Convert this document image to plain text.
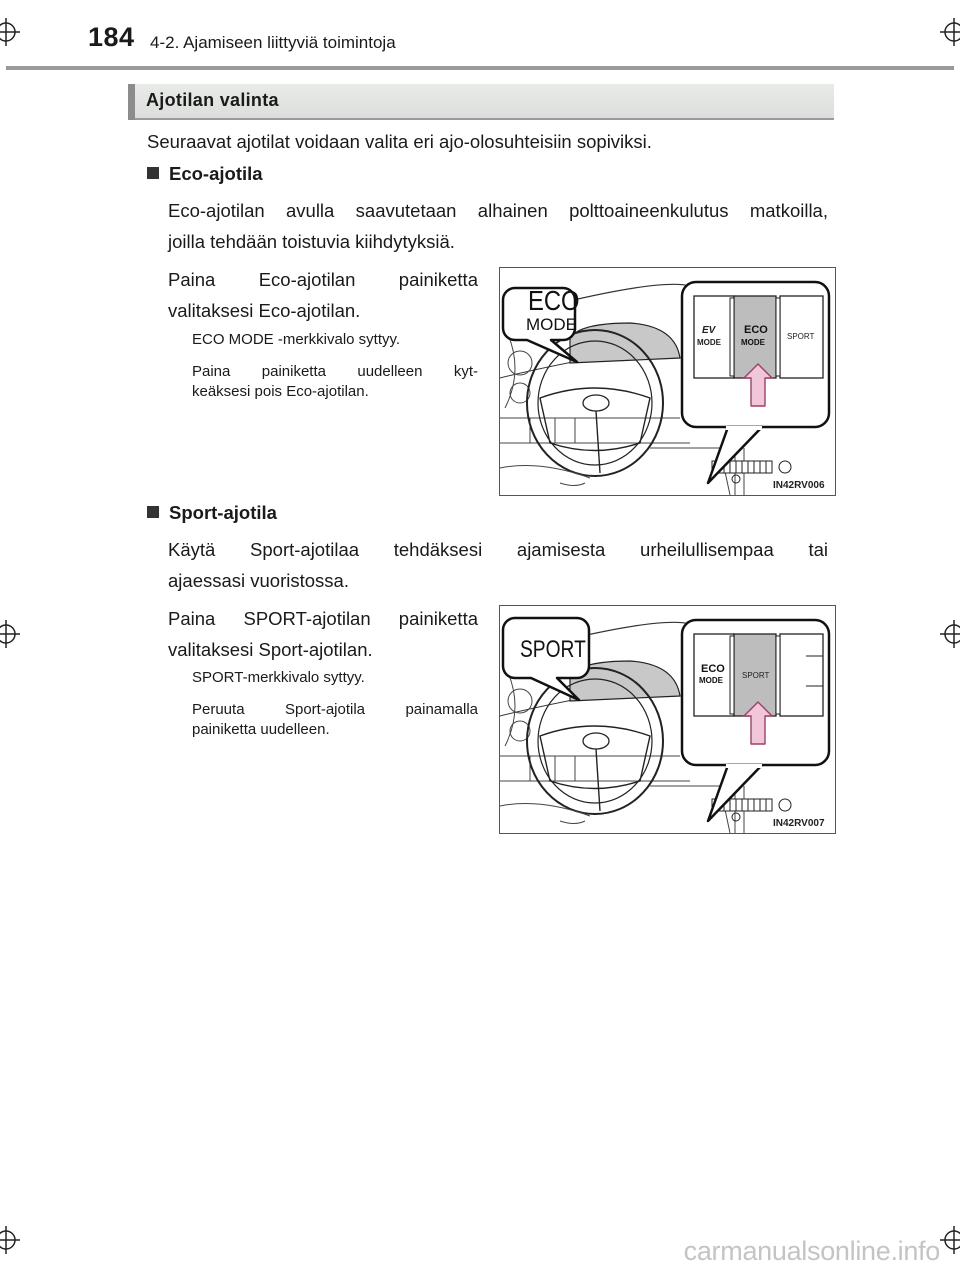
184 4-2. Ajamiseen liittyviä toimintoja
Ajotilan valinta
Seuraavat ajotilat voidaan valita eri ajo-olosuhteisiin sopiviksi.
Eco-ajotila
Eco-ajotilan avulla saavutetaan alhainen polttoaineenkulutus matkoilla,
joilla tehdään toistuvia kiihdytyksiä.
Paina Eco-ajotilan painiketta
valitaksesi Eco-ajotilan.
ECO MODE -merkkivalo syttyy.
Paina painiketta uudelleen kyt-
keäksesi pois Eco-ajotilan.
ECO
MODE	EV
MODE
ECO
MODE
SPORT
IN42RV006
Sport-ajotila
Käytä Sport-ajotilaa tehdäksesi ajamisesta urheilullisempaa tai
ajaessasi vuoristossa.
Paina SPORT-ajotilan painiketta
valitaksesi Sport-ajotilan.
SPORT-merkkivalo syttyy.
Peruuta Sport-ajotila painamalla
painiketta uudelleen.
SPORT
ECO
MODE
SPORT
IN42RV007
carmanualsonline.info
